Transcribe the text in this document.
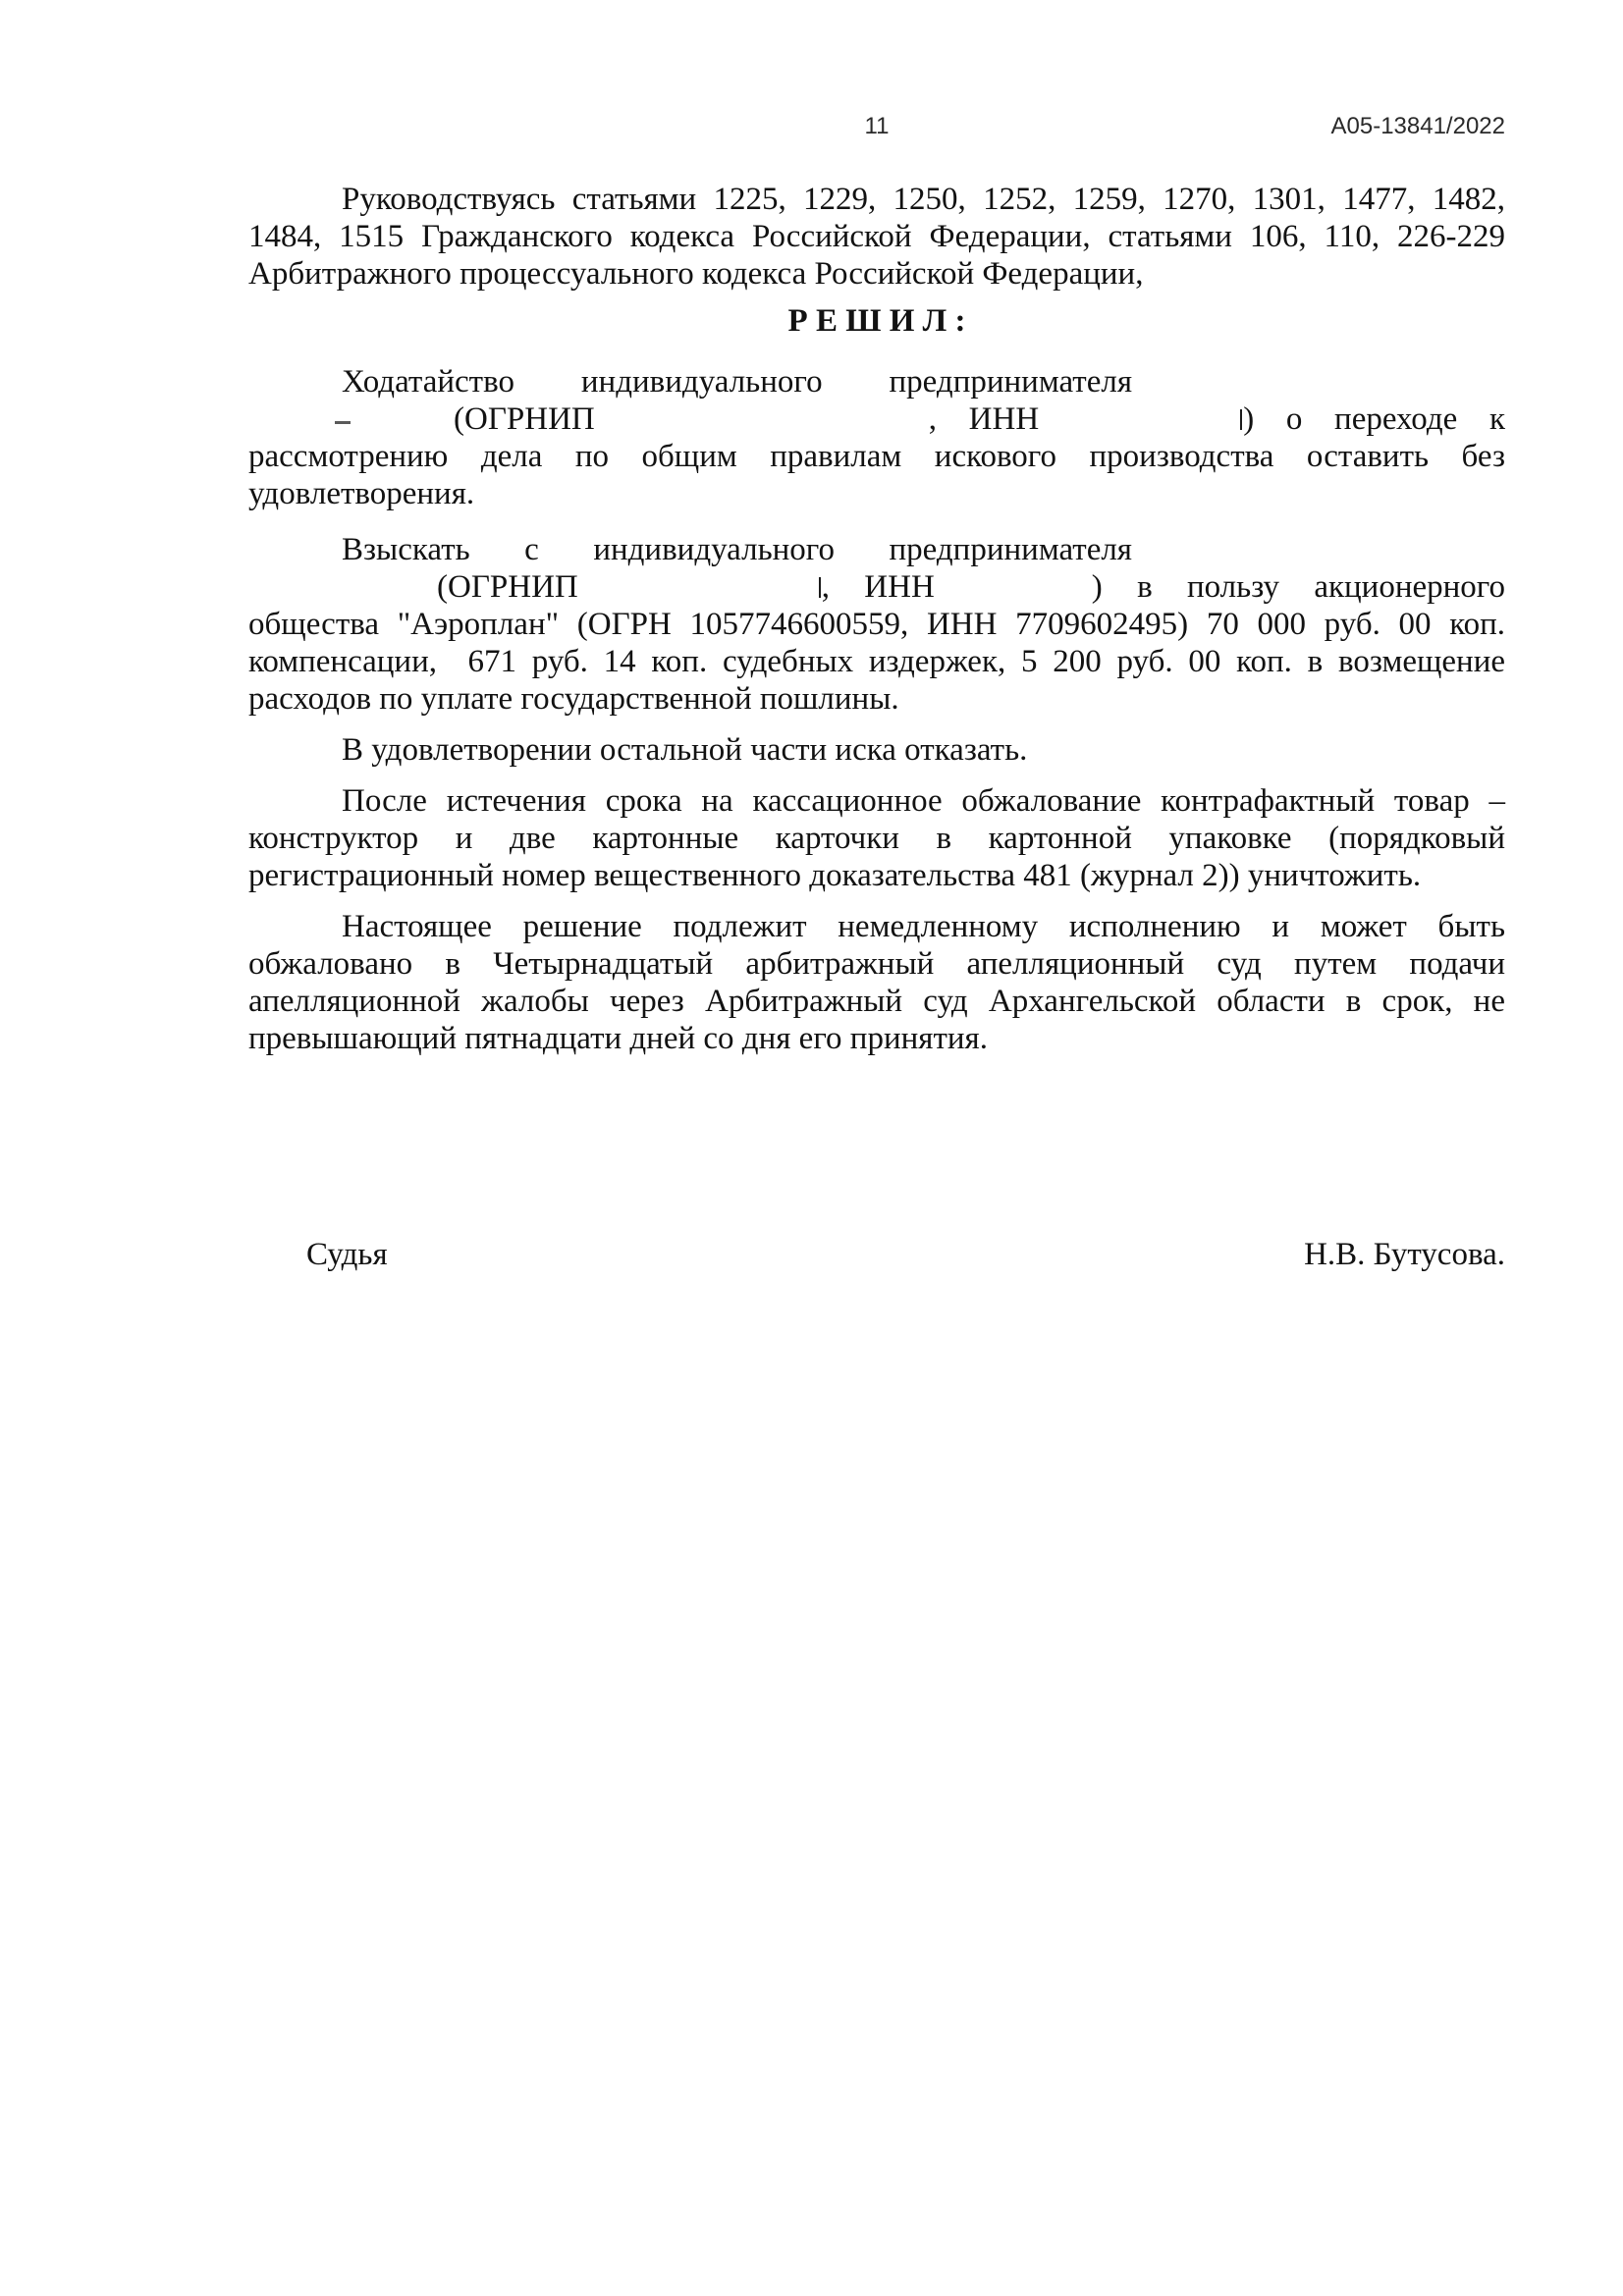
11	А05-13841/2022
Руководствуясь статьями 1225, 1229, 1250, 1252, 1259, 1270, 1301, 1477, 1482,
1484, 1515 Гражданского кодекса Российской Федерации, статьями 106, 110, 226-229
Арбитражного процессуального кодекса Российской Федерации,
Р Е Ш И Л :
Ходатайство индивидуального предпринимателя
(ОГРНИП	, ИНН	) о переходе к
рассмотрению дела по общим правилам искового производства оставить без
удовлетворения.
Взыскать с индивидуального предпринимателя
(ОГРНИП	, ИНН	) в пользу акционерного
общества "Аэроплан" (ОГРН 1057746600559, ИНН 7709602495) 70 000 руб. 00 коп.
компенсации,  671 руб. 14 коп. судебных издержек, 5 200 руб. 00 коп. в возмещение
расходов по уплате государственной пошлины.
В удовлетворении остальной части иска отказать.
После истечения срока на кассационное обжалование контрафактный товар –
конструктор и две картонные карточки в картонной упаковке (порядковый
регистрационный номер вещественного доказательства 481 (журнал 2)) уничтожить.
Настоящее решение подлежит немедленному исполнению и может быть
обжаловано в Четырнадцатый арбитражный апелляционный суд путем подачи
апелляционной жалобы через Арбитражный суд Архангельской области в срок, не
превышающий пятнадцати дней со дня его принятия.
Судья	Н.В. Бутусова.
